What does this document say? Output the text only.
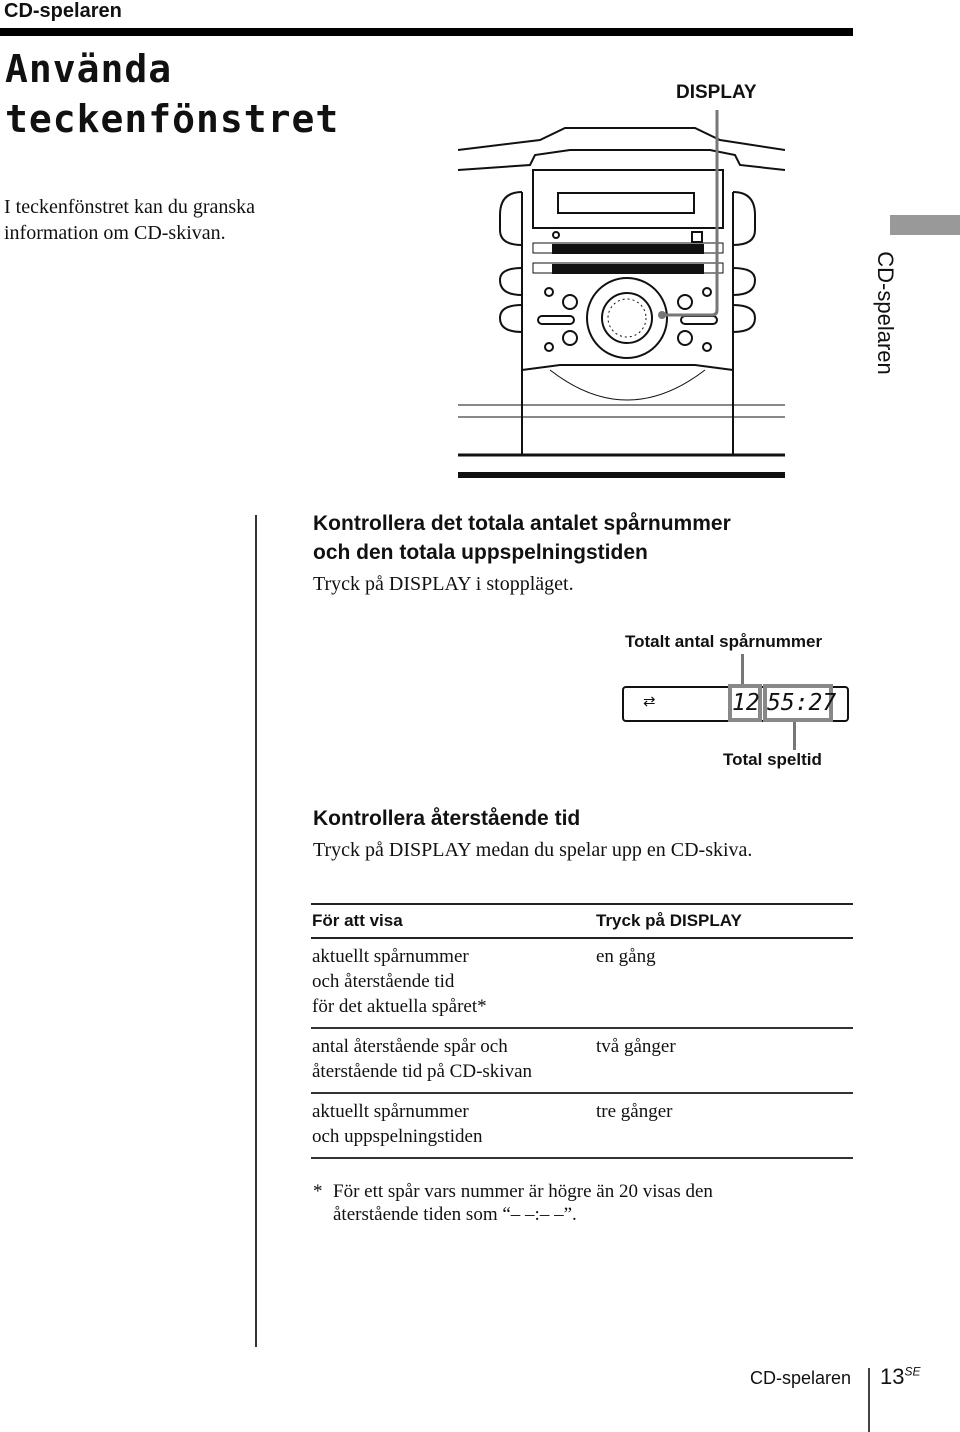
CD-spelaren
Använda
teckenfönstret
I teckenfönstret kan du granska information om CD-skivan.
CD-spelaren
DISPLAY
Kontrollera det totala antalet spårnummer
och den totala uppspelningstiden
Tryck på DISPLAY i stoppläget.
Totalt antal spårnummer
⇄	12 55:27
Total speltid
Kontrollera återstående tid
Tryck på DISPLAY medan du spelar upp en CD-skiva.
För att visa	Tryck på DISPLAY

aktuellt spårnummer
och återstående tid
för det aktuella spåret*	en gång

antal återstående spår och
återstående tid på CD-skivan	två gånger

aktuellt spårnummer
och uppspelningstiden	tre gånger
* För ett spår vars nummer är högre än 20 visas den
återstående tiden som “– –:– –”.
CD-spelaren $13^{SE}$
